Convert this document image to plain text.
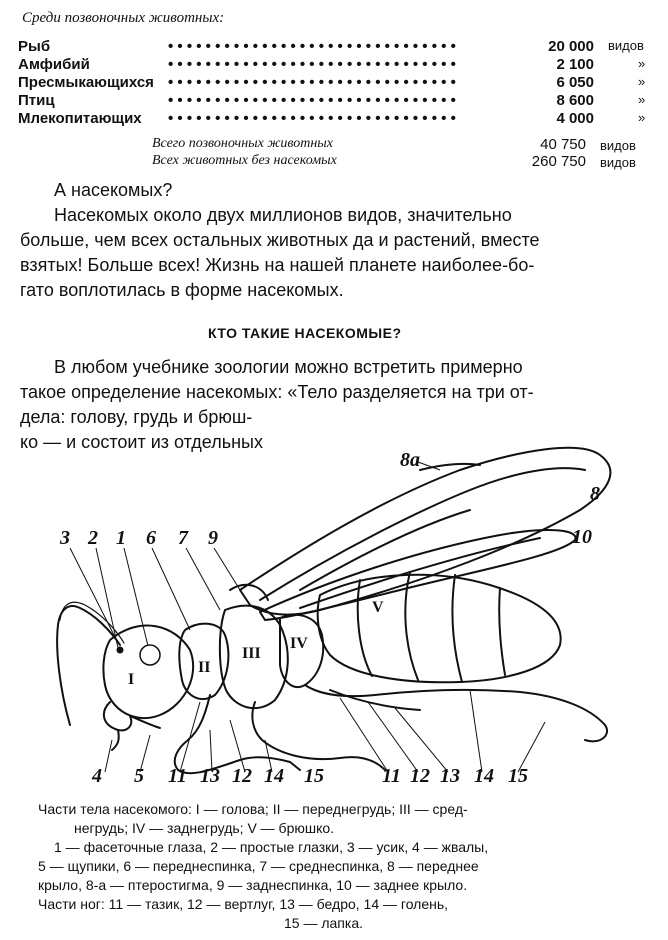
Среди позвоночных животных:
Рыб	• • • • • • • • • • • • • • • • • • • • • • • • • • • • • • •	20 000 видов
Амфибий	• • • • • • • • • • • • • • • • • • • • • • • • • • • • • • •	2 100	»
Пресмыкающихся • • • • • • • • • • • • • • • • • • • • • • • • • • • • • • •	6 050	»
Птиц	• • • • • • • • • • • • • • • • • • • • • • • • • • • • • • •	8 600	»
Млекопитающих • • • • • • • • • • • • • • • • • • • • • • • • • • • • • • •	4 000	»
Всего позвоночных животных	40 750 видов
Всех животных без насекомых	260 750 видов
А насекомых?
Насекомых около двух миллионов видов, значительно
больше, чем всех остальных животных да и растений, вместе
взятых! Больше всех! Жизнь на нашей планете наиболее-бо-
гато воплотилась в форме насекомых.
КТО ТАКИЕ НАСЕКОМЫЕ?
В любом учебнике зоологии можно встретить примерно
такое определение насекомых: «Тело разделяется на три от-
дела: голову, грудь и брюш-
ко — и состоит из отдельных
3 2 1 6 7 9
8а
8
10
4 5 11 13 12 14 15	11 12 13 14 15
I
II
III
IV
V
Части тела насекомого: I — голова; II — переднегрудь; III — сред-
негрудь; IV — заднегрудь; V — брюшко.
1 — фасеточные глаза, 2 — простые глазки, 3 — усик, 4 — жвалы,
5 — щупики, 6 — переднеспинка, 7 — среднеспинка, 8 — переднее
крыло, 8-а — птеростигма, 9 — заднеспинка, 10 — заднее крыло.
Части ног: 11 — тазик, 12 — вертлуг, 13 — бедро, 14 — голень,
15 — лапка.
